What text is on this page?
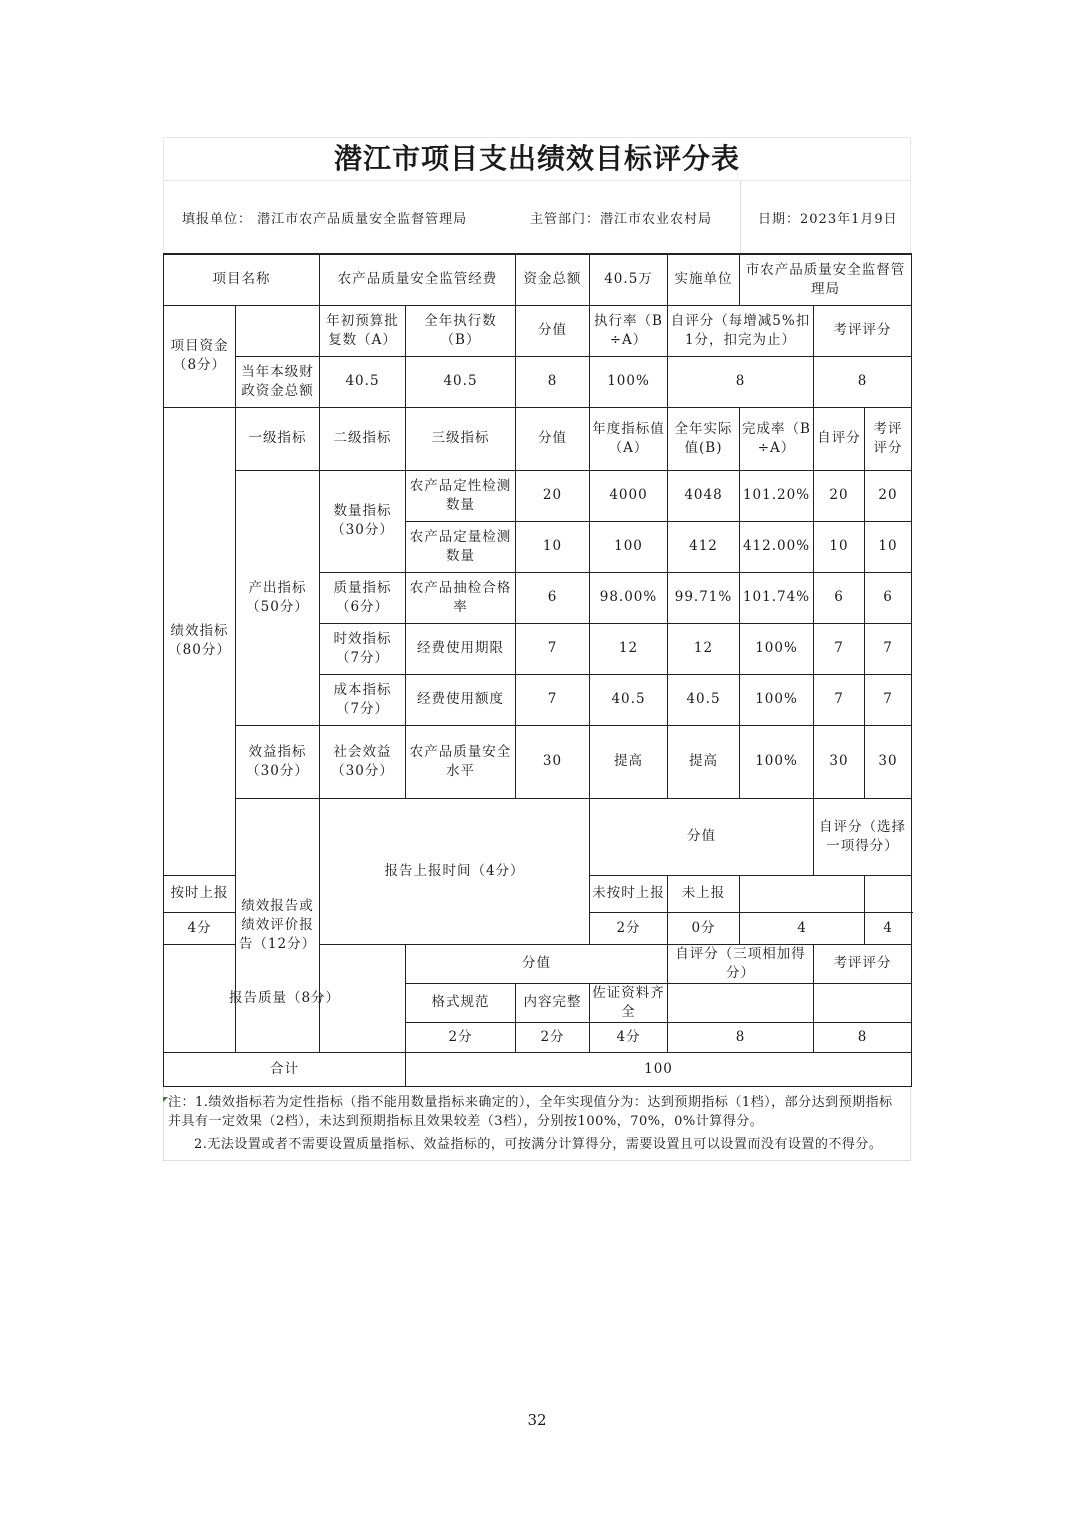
潜江市项目支出绩效目标评分表
填报单位： 潜江市农产品质量安全监督管理局	主管部门：潜江市农业农村局	日期：2023年1月9日
项目名称		农产品质量安全监管经费		资金总额	40.5万	实施单位	市农产品质量安全监督管理局			
项目资金（8分）		年初预算批复数（A）	全年执行数（B）	分值	执行率（B÷A）	自评分（每增减5%扣1分，扣完为止）		考评评分		
	当年本级财政资金总额	40.5	40.5	8	100%	8		8		
绩效指标（80分）	一级指标	二级指标	三级指标	分值	年度指标值（A）	全年实际值(B)	完成率（B÷A）	自评分	考评评分	
	产出指标（50分）	数量指标（30分）	农产品定性检测数量	20	4000	4048	101.20%	20	20	
			农产品定量检测数量	10	100	412	412.00%	10	10	
		质量指标（6分）	农产品抽检合格率	6	98.00%	99.71%	101.74%	6	6	
		时效指标（7分）	经费使用期限	7	12	12	100%	7	7	
		成本指标（7分）	经费使用额度	7	40.5	40.5	100%	7	7	
	效益指标（30分）	社会效益（30分）	农产品质量安全水平	30	提高	提高	100%	30	30	
	绩效报告或绩效评价报告（12分）	报告上报时间（4分）			分值			自评分（选择一项得分）		
按时上报					未按时上报	未上报				
4分					2分	0分	4		4	
报告质量（8分）			分值			自评分（三项相加得分）		考评评分		
			格式规范	内容完整	佐证资料齐全					
			2分	2分	4分	8		8		
合计			100							

注：1.绩效指标若为定性指标（指不能用数量指标来确定的），全年实现值分为：达到预期指标（1档），部分达到预期指标并具有一定效果（2档），未达到预期指标且效果较差（3档），分别按100%，70%，0%计算得分。

2.无法设置或者不需要设置质量指标、效益指标的，可按满分计算得分，需要设置且可以设置而没有设置的不得分。

32
